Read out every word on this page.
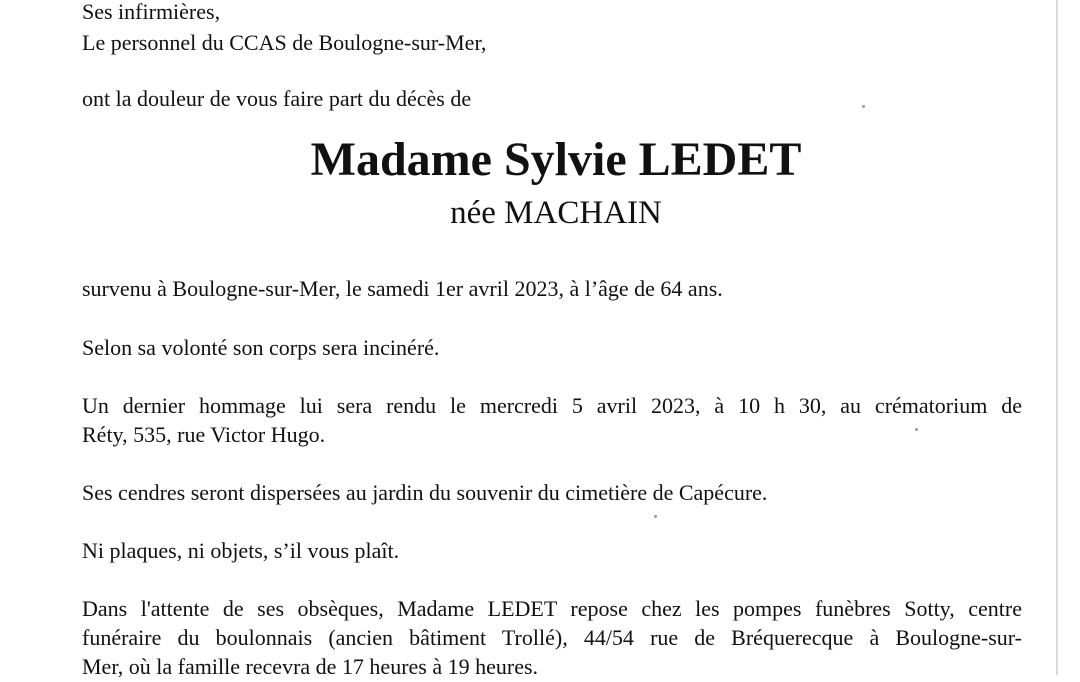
Ses infirmières,
Le personnel du CCAS de Boulogne-sur-Mer,
ont la douleur de vous faire part du décès de
Madame Sylvie LEDET
née MACHAIN
survenu à Boulogne-sur-Mer, le samedi 1er avril 2023, à l’âge de 64 ans.
Selon sa volonté son corps sera incinéré.
Un dernier hommage lui sera rendu le mercredi 5 avril 2023, à 10 h 30, au crématorium de
Réty, 535, rue Victor Hugo.
Ses cendres seront dispersées au jardin du souvenir du cimetière de Capécure.
Ni plaques, ni objets, s’il vous plaît.
Dans l'attente de ses obsèques, Madame LEDET repose chez les pompes funèbres Sotty, centre
funéraire du boulonnais (ancien bâtiment Trollé), 44/54 rue de Bréquerecque à Boulogne-sur-
Mer, où la famille recevra de 17 heures à 19 heures.
